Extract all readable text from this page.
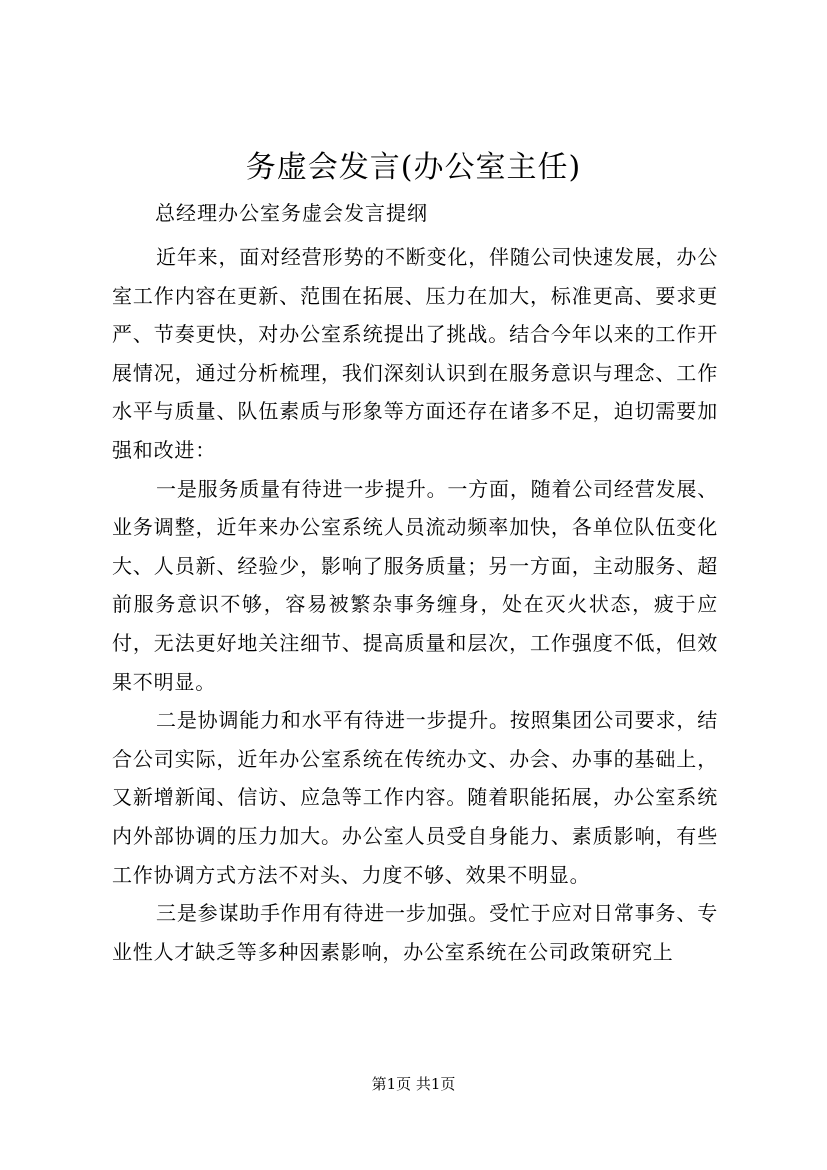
务虚会发言(办公室主任)
总经理办公室务虚会发言提纲

近年来，面对经营形势的不断变化，伴随公司快速发展，办公室工作内容在更新、范围在拓展、压力在加大，标准更高、要求更严、节奏更快，对办公室系统提出了挑战。结合今年以来的工作开展情况，通过分析梳理，我们深刻认识到在服务意识与理念、工作水平与质量、队伍素质与形象等方面还存在诸多不足，迫切需要加强和改进：

一是服务质量有待进一步提升。一方面，随着公司经营发展、业务调整，近年来办公室系统人员流动频率加快，各单位队伍变化大、人员新、经验少，影响了服务质量；另一方面，主动服务、超前服务意识不够，容易被繁杂事务缠身，处在灭火状态，疲于应付，无法更好地关注细节、提高质量和层次，工作强度不低，但效果不明显。

二是协调能力和水平有待进一步提升。按照集团公司要求，结合公司实际，近年办公室系统在传统办文、办会、办事的基础上，又新增新闻、信访、应急等工作内容。随着职能拓展，办公室系统内外部协调的压力加大。办公室人员受自身能力、素质影响，有些工作协调方式方法不对头、力度不够、效果不明显。

三是参谋助手作用有待进一步加强。受忙于应对日常事务、专业性人才缺乏等多种因素影响，办公室系统在公司政策研究上

第1页 共1页
